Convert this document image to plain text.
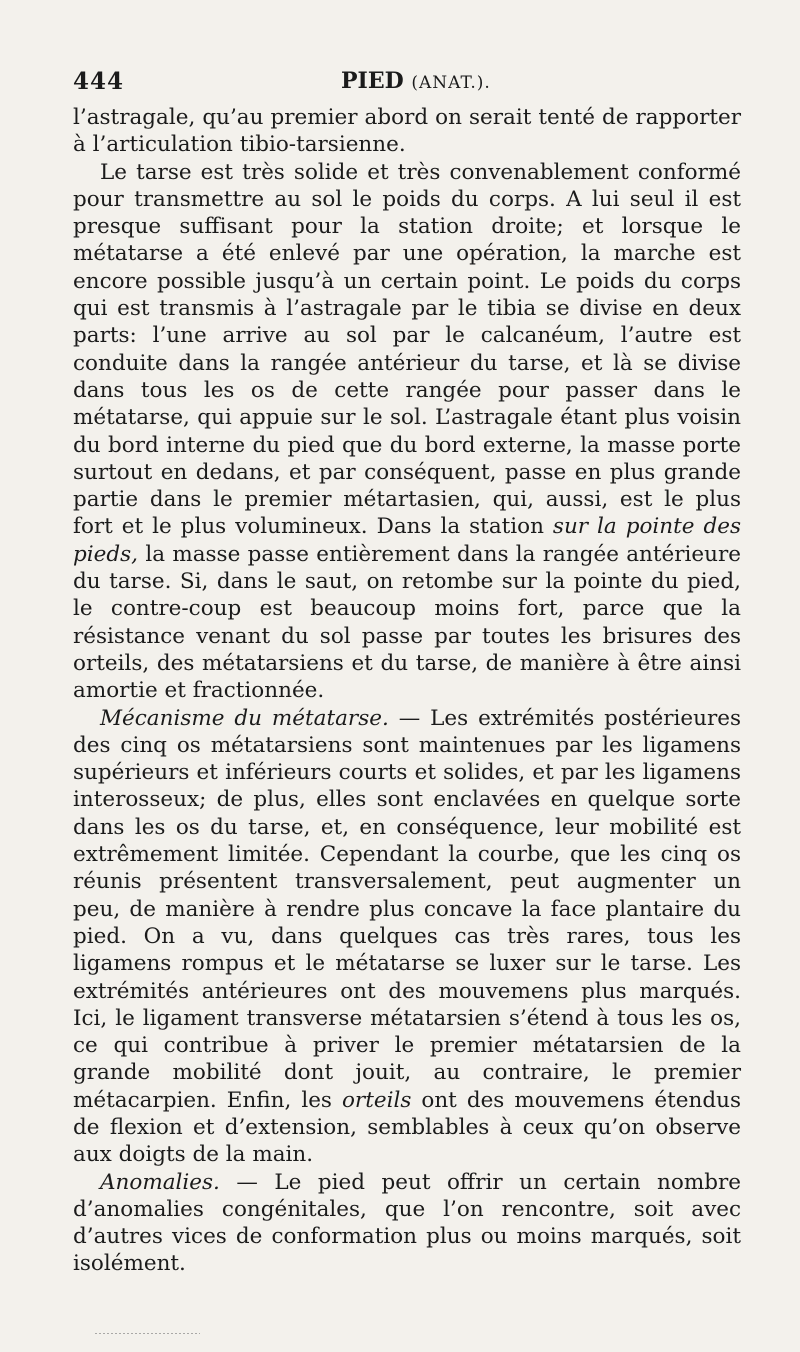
444	PIED (ANAT.).

l’astragale, qu’au premier abord on serait tenté de rapporter à l’articulation tibio-tarsienne.

Le tarse est très solide et très convenablement conformé pour transmettre au sol le poids du corps. A lui seul il est presque suffisant pour la station droite; et lorsque le métatarse a été enlevé par une opération, la marche est encore possible jusqu’à un certain point. Le poids du corps qui est transmis à l’astragale par le tibia se divise en deux parts: l’une arrive au sol par le calcanéum, l’autre est conduite dans la rangée antérieur du tarse, et là se divise dans tous les os de cette rangée pour passer dans le métatarse, qui appuie sur le sol. L’astragale étant plus voisin du bord interne du pied que du bord externe, la masse porte surtout en dedans, et par conséquent, passe en plus grande partie dans le premier métartasien, qui, aussi, est le plus fort et le plus volumineux. Dans la station sur la pointe des pieds, la masse passe entièrement dans la rangée antérieure du tarse. Si, dans le saut, on retombe sur la pointe du pied, le contre-coup est beaucoup moins fort, parce que la résistance venant du sol passe par toutes les brisures des orteils, des métatarsiens et du tarse, de manière à être ainsi amortie et fractionnée.

Mécanisme du métatarse. — Les extrémités postérieures des cinq os métatarsiens sont maintenues par les ligamens supérieurs et inférieurs courts et solides, et par les ligamens interosseux; de plus, elles sont enclavées en quelque sorte dans les os du tarse, et, en conséquence, leur mobilité est extrêmement limitée. Cependant la courbe, que les cinq os réunis présentent transversalement, peut augmenter un peu, de manière à rendre plus concave la face plantaire du pied. On a vu, dans quelques cas très rares, tous les ligamens rompus et le métatarse se luxer sur le tarse. Les extrémités antérieures ont des mouvemens plus marqués. Ici, le ligament transverse métatarsien s’étend à tous les os, ce qui contribue à priver le premier métatarsien de la grande mobilité dont jouit, au contraire, le premier métacarpien. Enfin, les orteils ont des mouvemens étendus de flexion et d’extension, semblables à ceux qu’on observe aux doigts de la main.

Anomalies. — Le pied peut offrir un certain nombre d’anomalies congénitales, que l’on rencontre, soit avec d’autres vices de conformation plus ou moins marqués, soit isolément.
